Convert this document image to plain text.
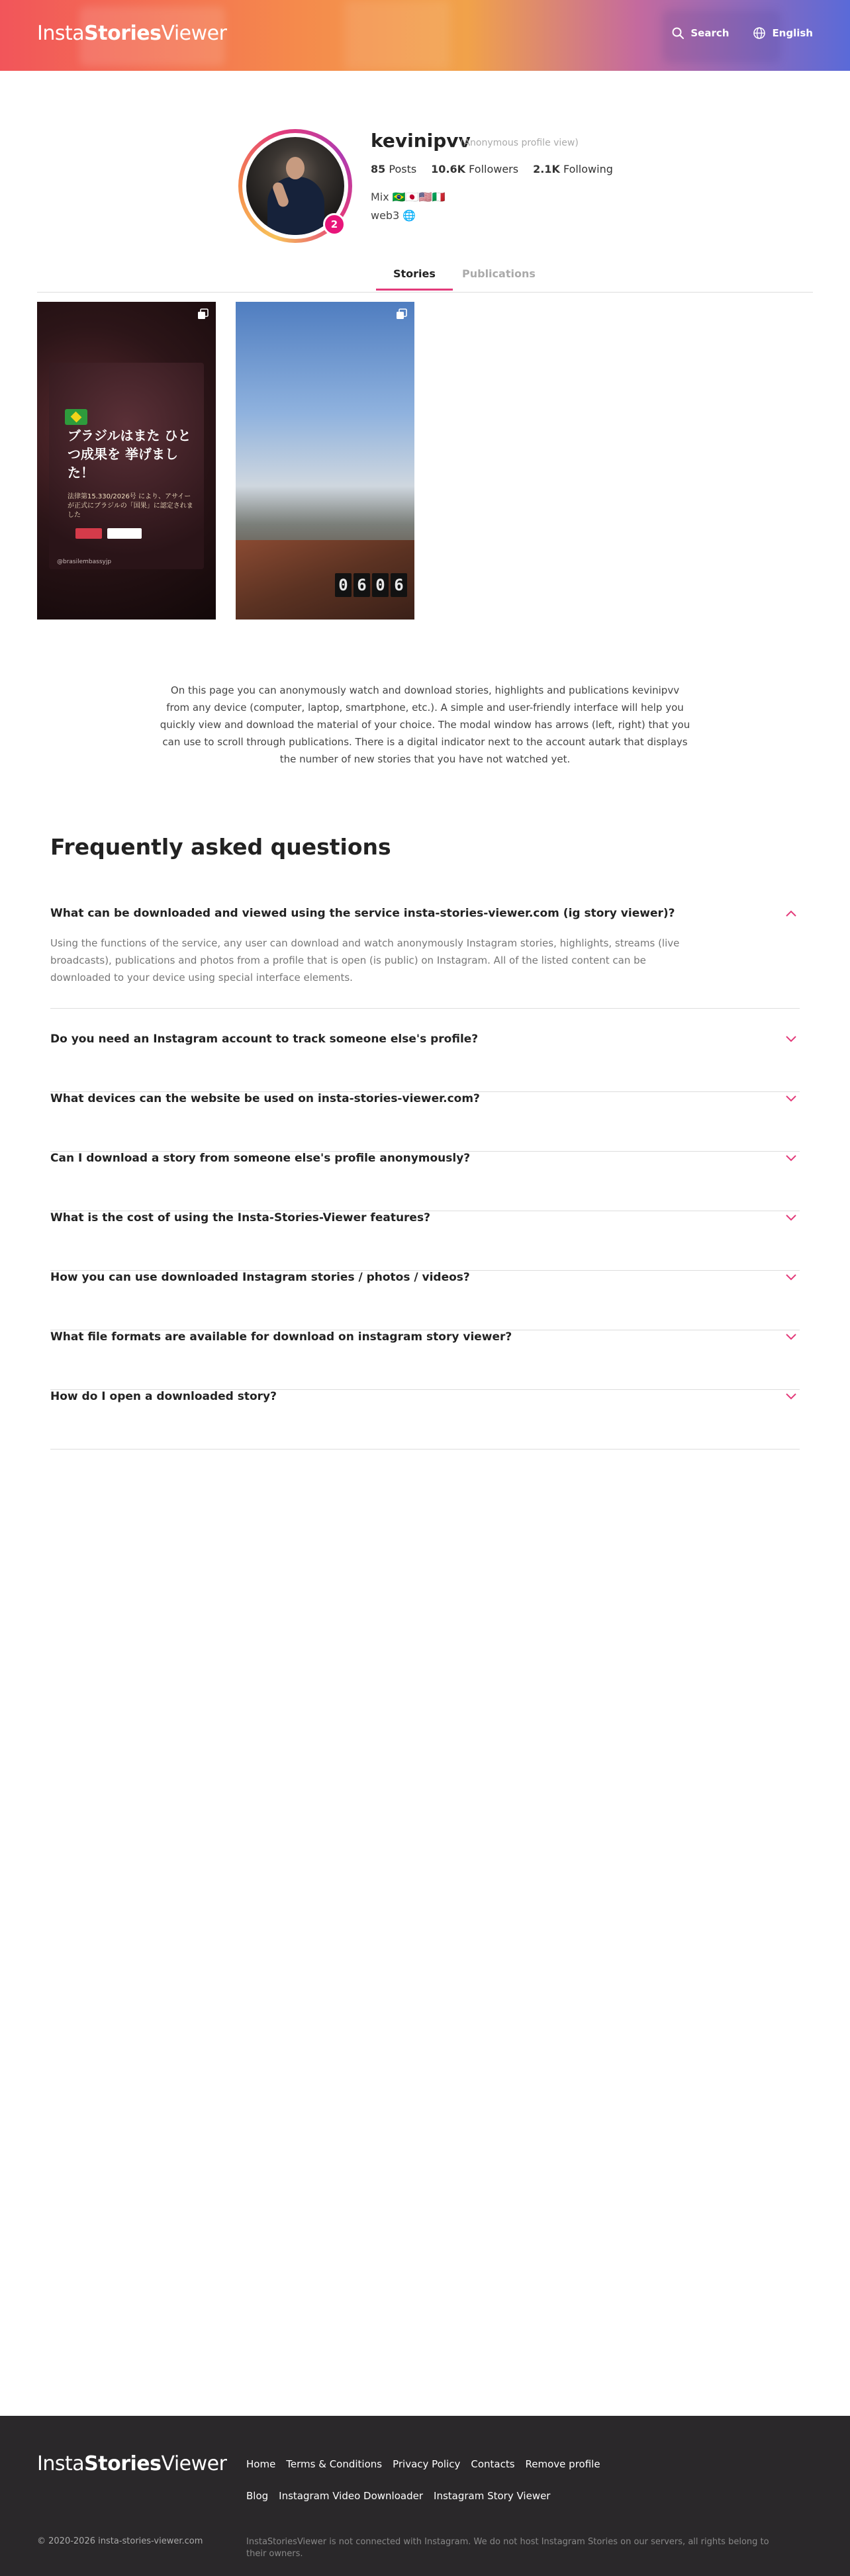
InstaStoriesViewer	Search	English
2
kevinipvv
(Anonymous profile view)
85 Posts 10.6K Followers 2.1K Following
Mix 🇧🇷🇯🇵🇺🇸🇮🇹
web3 🌐
Stories	Publications
ブラジルはまた ひとつ成果を 挙げました！
法律第15.330/2026号 により、アサイーが正式にブラジルの「国果」に認定されました
@brasilembassyjp
0 6 0 6

On this page you can anonymously watch and download stories, highlights and publications kevinipvv from any device (computer, laptop, smartphone, etc.). A simple and user-friendly interface will help you quickly view and download the material of your choice. The modal window has arrows (left, right) that you can use to scroll through publications. There is a digital indicator next to the account autark that displays the number of new stories that you have not watched yet.

Frequently asked questions
What can be downloaded and viewed using the service insta-stories-viewer.com (ig story viewer)?
Using the functions of the service, any user can download and watch anonymously Instagram stories, highlights, streams (live broadcasts), publications and photos from a profile that is open (is public) on Instagram. All of the listed content can be downloaded to your device using special interface elements.
Do you need an Instagram account to track someone else's profile?
What devices can the website be used on insta-stories-viewer.com?
Can I download a story from someone else's profile anonymously?
What is the cost of using the Insta-Stories-Viewer features?
How you can use downloaded Instagram stories / photos / videos?
What file formats are available for download on instagram story viewer?
How do I open a downloaded story?
InstaStoriesViewer Home Terms & Conditions Privacy Policy Contacts Remove profile
Blog Instagram Video Downloader Instagram Story Viewer
© 2020-2026 insta-stories-viewer.com	InstaStoriesViewer is not connected with Instagram. We do not host Instagram Stories on our servers, all rights belong to their owners.
